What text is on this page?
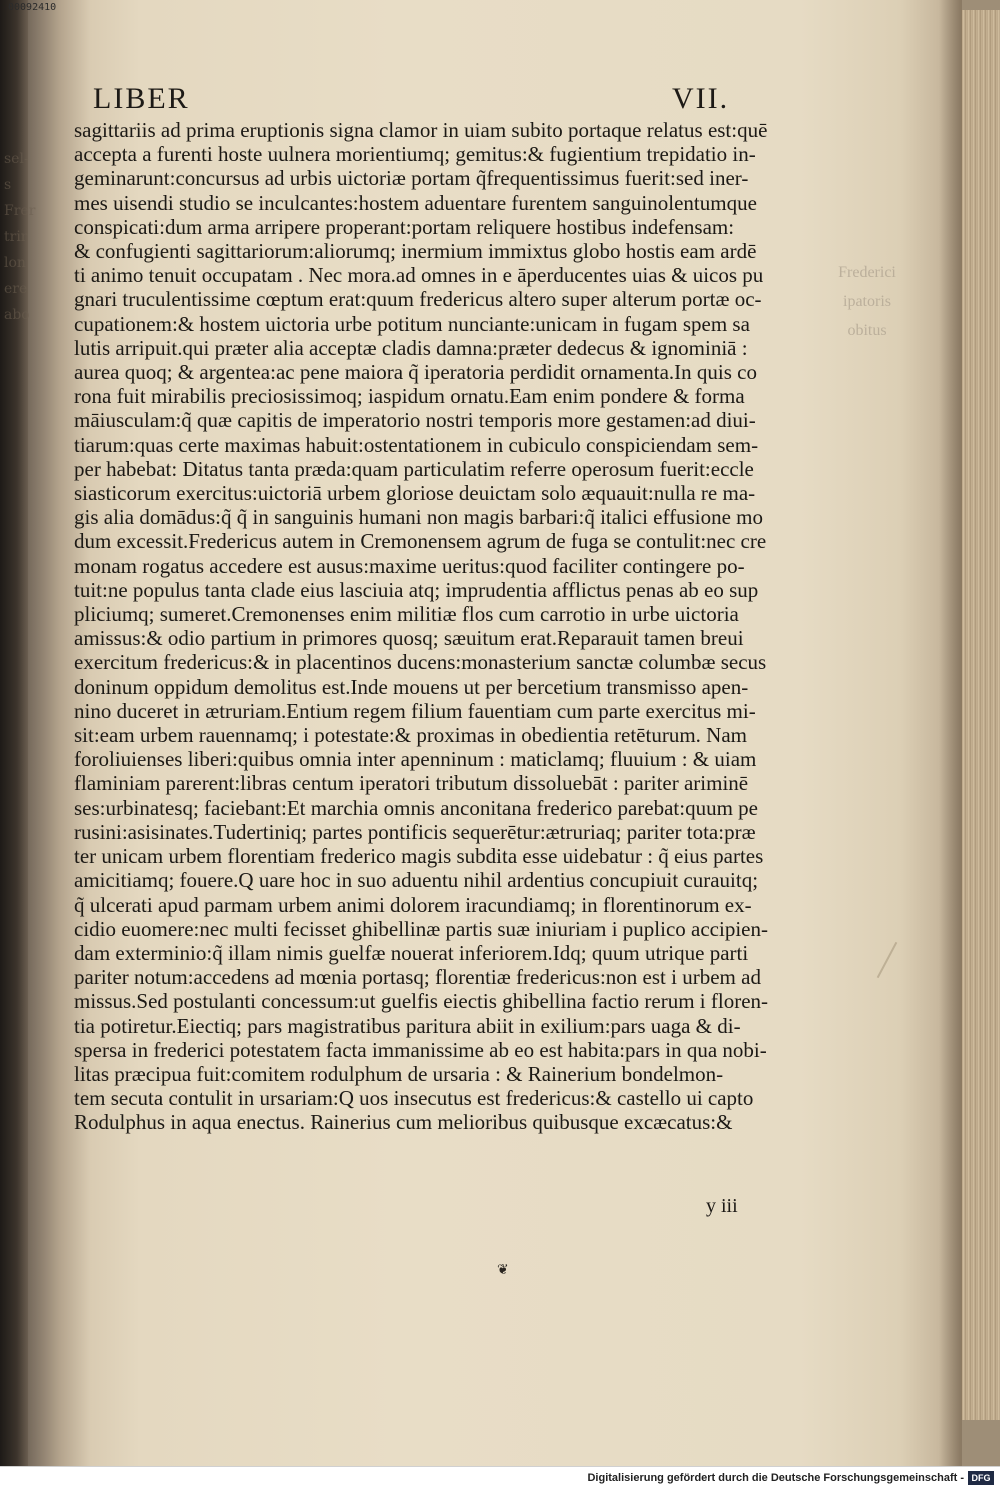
sel-
s
Frer
trir
lon
ere
abo
00092410
LIBER	VII.
Frederici
ipatoris
obitus
sagittariis ad prima eruptionis signa clamor in uiam subito portaque relatus est:quē
accepta a furenti hoste uulnera morientiumq; gemitus:& fugientium trepidatio in-
geminarunt:concursus ad urbis uictoriæ portam q̃frequentissimus fuerit:sed iner-
mes uisendi studio se inculcantes:hostem aduentare furentem sanguinolentumque
conspicati:dum arma arripere properant:portam reliquere hostibus indefensam:
& confugienti sagittariorum:aliorumq; inermium immixtus globo hostis eam ardē
ti animo tenuit occupatam . Nec mora.ad omnes in e āperducentes uias & uicos pu
gnari truculentissime cœptum erat:quum fredericus altero super alterum portæ oc-
cupationem:& hostem uictoria urbe potitum nunciante:unicam in fugam spem sa
lutis arripuit.qui præter alia acceptæ cladis damna:præter dedecus & ignominiā :
aurea quoq; & argentea:ac pene maiora q̃ iperatoria perdidit ornamenta.In quis co
rona fuit mirabilis preciosissimoq; iaspidum ornatu.Eam enim pondere & forma
māiusculam:q̃ quæ capitis de imperatorio nostri temporis more gestamen:ad diui-
tiarum:quas certe maximas habuit:ostentationem in cubiculo conspiciendam sem-
per habebat: Ditatus tanta præda:quam particulatim referre operosum fuerit:eccle
siasticorum exercitus:uictoriā urbem gloriose deuictam solo æquauit:nulla re ma-
gis alia domādus:q̃ q̃ in sanguinis humani non magis barbari:q̃ italici effusione mo
dum excessit.Fredericus autem in Cremonensem agrum de fuga se contulit:nec cre
monam rogatus accedere est ausus:maxime ueritus:quod faciliter contingere po-
tuit:ne populus tanta clade eius lasciuia atq; imprudentia afflictus penas ab eo sup
pliciumq; sumeret.Cremonenses enim militiæ flos cum carrotio in urbe uictoria
amissus:& odio partium in primores quosq; sæuitum erat.Reparauit tamen breui
exercitum fredericus:& in placentinos ducens:monasterium sanctæ columbæ secus
doninum oppidum demolitus est.Inde mouens ut per bercetium transmisso apen-
nino duceret in ætruriam.Entium regem filium fauentiam cum parte exercitus mi-
sit:eam urbem rauennamq; i potestate:& proximas in obedientia retēturum. Nam
foroliuienses liberi:quibus omnia inter apenninum : maticlamq; fluuium : & uiam
flaminiam parerent:libras centum iperatori tributum dissoluebāt : pariter ariminē
ses:urbinatesq; faciebant:Et marchia omnis anconitana frederico parebat:quum pe
rusini:asisinates.Tudertiniq; partes pontificis sequerētur:ætruriaq; pariter tota:præ
ter unicam urbem florentiam frederico magis subdita esse uidebatur : q̃ eius partes
amicitiamq; fouere.Q uare hoc in suo aduentu nihil ardentius concupiuit curauitq;
q̃ ulcerati apud parmam urbem animi dolorem iracundiamq; in florentinorum ex-
cidio euomere:nec multi fecisset ghibellinæ partis suæ iniuriam i puplico accipien-
dam exterminio:q̃ illam nimis guelfæ nouerat inferiorem.Idq; quum utrique parti
pariter notum:accedens ad mœnia portasq; florentiæ fredericus:non est i urbem ad
missus.Sed postulanti concessum:ut guelfis eiectis ghibellina factio rerum i floren-
tia potiretur.Eiectiq; pars magistratibus paritura abiit in exilium:pars uaga & di-
spersa in frederici potestatem facta immanissime ab eo est habita:pars in qua nobi-
litas præcipua fuit:comitem rodulphum de ursaria : & Rainerium bondelmon-
tem secuta contulit in ursariam:Q uos insecutus est fredericus:& castello ui capto
Rodulphus in aqua enectus. Rainerius cum melioribus quibusque excæcatus:&
y iii
❦
Digitalisierung gefördert durch die Deutsche Forschungsgemeinschaft - DFG
